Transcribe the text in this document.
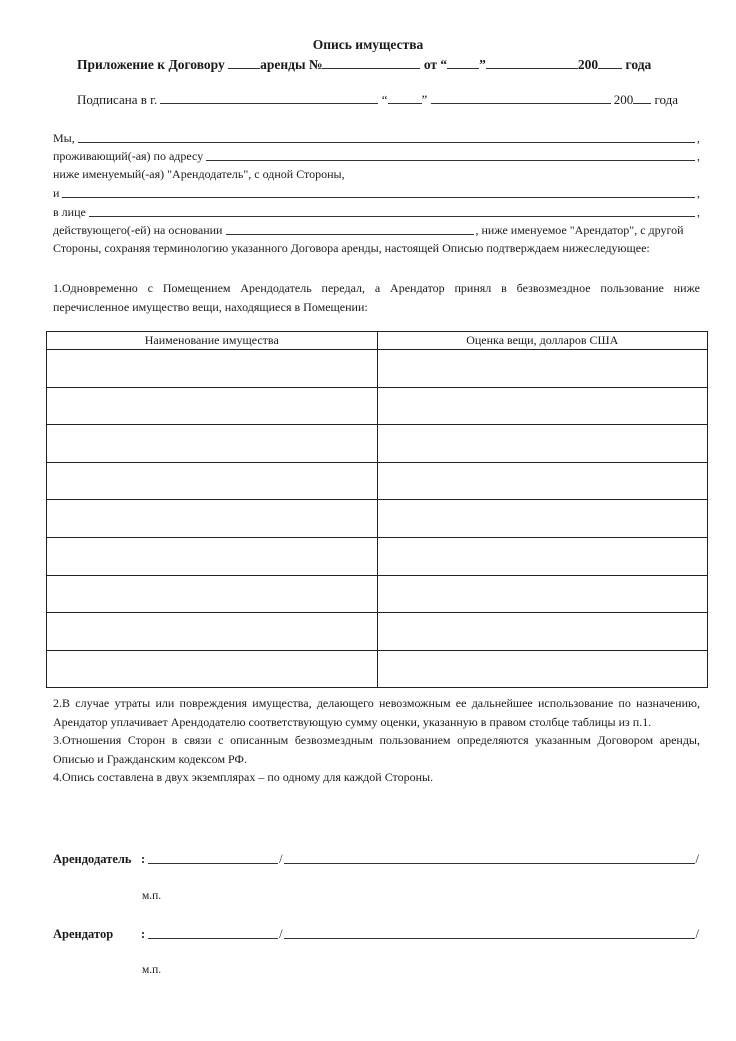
Опись имущества
Приложение к Договору	аренды №	от “ ”	200 года
Подписана в г.	“	”	200 года
Мы,	,
проживающий(-ая) по адресу	,
ниже именуемый(-ая) "Арендодатель", с одной Стороны,
и	,
в лице	,
действующего(-ей) на основании	, ниже именуемое "Арендатор", с другой
Стороны, сохраняя терминологию указанного Договора аренды, настоящей Описью подтверждаем нижеследующее:
1.Одновременно с Помещением Арендодатель передал, а Арендатор принял в безвозмездное пользование ниже перечисленное имущество вещи, находящиеся в Помещении:
Наименование имущества	Оценка вещи, долларов США

2.В случае утраты или повреждения имущества, делающего невозможным ее дальнейшее использование по назначению, Арендатор уплачивает Арендодателю соответствующую сумму оценки, указанную в правом столбце таблицы из п.1.
3.Отношения Сторон в связи с описанным безвозмездным пользованием определяются указанным Договором аренды, Описью и Гражданским кодексом РФ.
4.Опись составлена в двух экземплярах – по одному для каждой Стороны.
Арендодатель :	/	/
м.п.
Арендатор	:	/	/
м.п.
